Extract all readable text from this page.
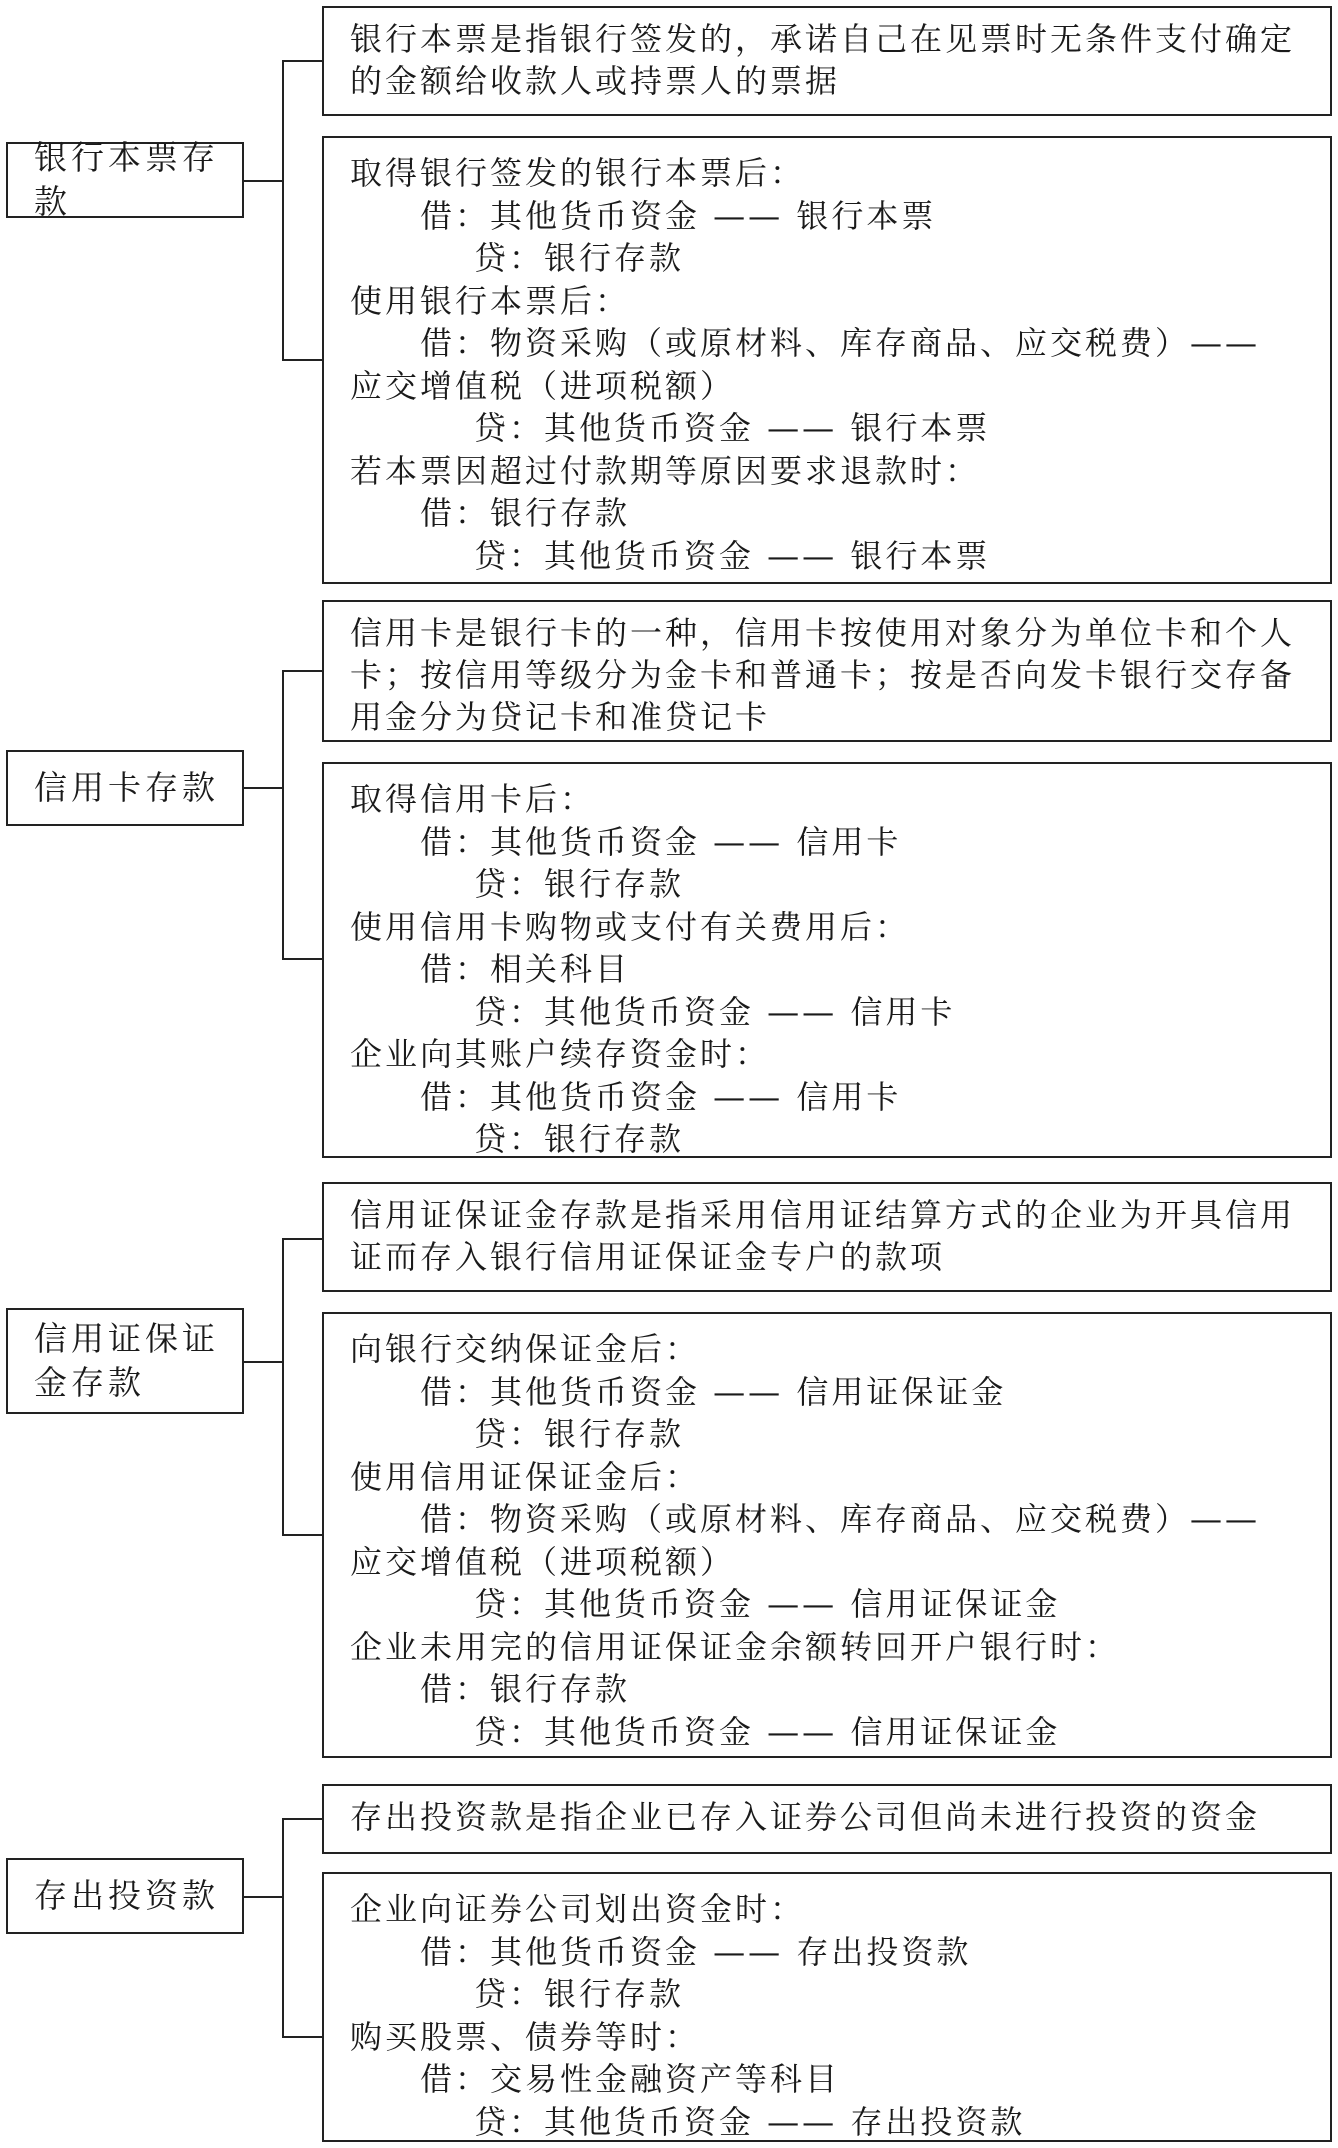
银行本票存款
银行本票是指银行签发的，承诺自己在见票时无条件支付确定的金额给收款人或持票人的票据
取得银行签发的银行本票后：
借：其他货币资金 —— 银行本票
贷：银行存款
使用银行本票后：
借：物资采购（或原材料、库存商品、应交税费）—— 应交增值税（进项税额）
贷：其他货币资金 —— 银行本票
若本票因超过付款期等原因要求退款时：
借：银行存款
贷：其他货币资金 —— 银行本票
信用卡存款
信用卡是银行卡的一种，信用卡按使用对象分为单位卡和个人卡；按信用等级分为金卡和普通卡；按是否向发卡银行交存备用金分为贷记卡和准贷记卡
取得信用卡后：
借：其他货币资金 —— 信用卡
贷：银行存款
使用信用卡购物或支付有关费用后：
借：相关科目
贷：其他货币资金 —— 信用卡
企业向其账户续存资金时：
借：其他货币资金 —— 信用卡
贷：银行存款
信用证保证金存款
信用证保证金存款是指采用信用证结算方式的企业为开具信用证而存入银行信用证保证金专户的款项
向银行交纳保证金后：
借：其他货币资金 —— 信用证保证金
贷：银行存款
使用信用证保证金后：
借：物资采购（或原材料、库存商品、应交税费）—— 应交增值税（进项税额）
贷：其他货币资金 —— 信用证保证金
企业未用完的信用证保证金余额转回开户银行时：
借：银行存款
贷：其他货币资金 —— 信用证保证金
存出投资款
存出投资款是指企业已存入证券公司但尚未进行投资的资金
企业向证券公司划出资金时：
借：其他货币资金 —— 存出投资款
贷：银行存款
购买股票、债券等时：
借：交易性金融资产等科目
贷：其他货币资金 —— 存出投资款
